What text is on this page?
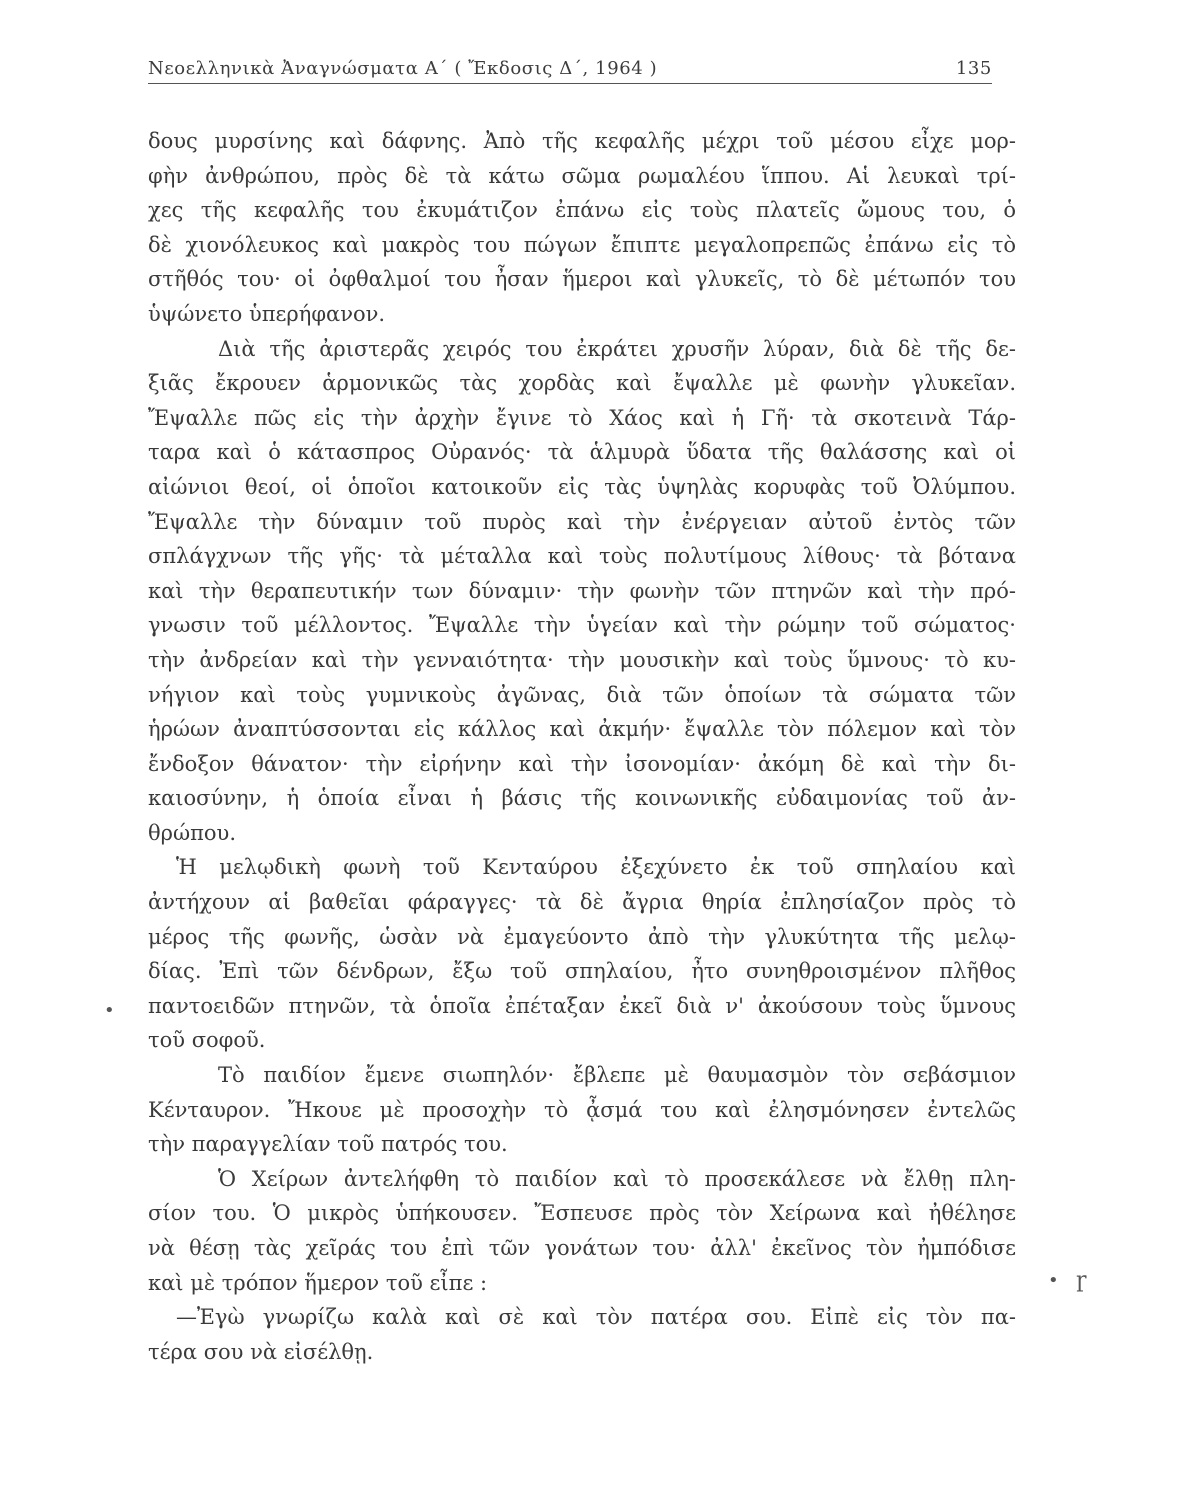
Νεοελληνικὰ Ἀναγνώσματα Α΄ ( Ἔκδοσις Δ΄, 1964 )	135
δους μυρσίνης καὶ δάφνης. Ἀπὸ τῆς κεφαλῆς μέχρι τοῦ μέσου εἶχε μορ-
φὴν ἀνθρώπου, πρὸς δὲ τὰ κάτω σῶμα ρωμαλέου ἵππου. Αἱ λευκαὶ τρί-
χες τῆς κεφαλῆς του ἐκυμάτιζον ἐπάνω εἰς τοὺς πλατεῖς ὤμους του, ὁ
δὲ χιονόλευκος καὶ μακρὸς του πώγων ἔπιπτε μεγαλοπρεπῶς ἐπάνω εἰς τὸ
στῆθός του· οἱ ὀφθαλμοί του ἦσαν ἥμεροι καὶ γλυκεῖς, τὸ δὲ μέτωπόν του
ὑψώνετο ὑπερήφανον.
Διὰ τῆς ἀριστερᾶς χειρός του ἐκράτει χρυσῆν λύραν, διὰ δὲ τῆς δε-
ξιᾶς ἔκρουεν ἁρμονικῶς τὰς χορδὰς καὶ ἔψαλλε μὲ φωνὴν γλυκεῖαν.
Ἔψαλλε πῶς εἰς τὴν ἀρχὴν ἔγινε τὸ Χάος καὶ ἡ Γῆ· τὰ σκοτεινὰ Τάρ-
ταρα καὶ ὁ κάτασπρος Οὐρανός· τὰ ἁλμυρὰ ὕδατα τῆς θαλάσσης καὶ οἱ
αἰώνιοι θεοί, οἱ ὁποῖοι κατοικοῦν εἰς τὰς ὑψηλὰς κορυφὰς τοῦ Ὀλύμπου.
Ἔψαλλε τὴν δύναμιν τοῦ πυρὸς καὶ τὴν ἐνέργειαν αὐτοῦ ἐντὸς τῶν
σπλάγχνων τῆς γῆς· τὰ μέταλλα καὶ τοὺς πολυτίμους λίθους· τὰ βότανα
καὶ τὴν θεραπευτικήν των δύναμιν· τὴν φωνὴν τῶν πτηνῶν καὶ τὴν πρό-
γνωσιν τοῦ μέλλοντος. Ἔψαλλε τὴν ὑγείαν καὶ τὴν ρώμην τοῦ σώματος·
τὴν ἀνδρείαν καὶ τὴν γενναιότητα· τὴν μουσικὴν καὶ τοὺς ὕμνους· τὸ κυ-
νήγιον καὶ τοὺς γυμνικοὺς ἀγῶνας, διὰ τῶν ὁποίων τὰ σώματα τῶν
ἡρώων ἀναπτύσσονται εἰς κάλλος καὶ ἀκμήν· ἔψαλλε τὸν πόλεμον καὶ τὸν
ἔνδοξον θάνατον· τὴν εἰρήνην καὶ τὴν ἰσονομίαν· ἀκόμη δὲ καὶ τὴν δι-
καιοσύνην, ἡ ὁποία εἶναι ἡ βάσις τῆς κοινωνικῆς εὐδαιμονίας τοῦ ἀν-
θρώπου.
Ἡ μελῳδικὴ φωνὴ τοῦ Κενταύρου ἐξεχύνετο ἐκ τοῦ σπηλαίου καὶ
ἀντήχουν αἱ βαθεῖαι φάραγγες· τὰ δὲ ἄγρια θηρία ἐπλησίαζον πρὸς τὸ
μέρος τῆς φωνῆς, ὡσὰν νὰ ἐμαγεύοντο ἀπὸ τὴν γλυκύτητα τῆς μελῳ-
δίας. Ἐπὶ τῶν δένδρων, ἔξω τοῦ σπηλαίου, ἦτο συνηθροισμένον πλῆθος
παντοειδῶν πτηνῶν, τὰ ὁποῖα ἐπέταξαν ἐκεῖ διὰ ν' ἀκούσουν τοὺς ὕμνους
τοῦ σοφοῦ.
Τὸ παιδίον ἔμενε σιωπηλόν· ἔβλεπε μὲ θαυμασμὸν τὸν σεβάσμιον
Κένταυρον. Ἤκουε μὲ προσοχὴν τὸ ᾆσμά του καὶ ἐλησμόνησεν ἐντελῶς
τὴν παραγγελίαν τοῦ πατρός του.
Ὁ Χείρων ἀντελήφθη τὸ παιδίον καὶ τὸ προσεκάλεσε νὰ ἔλθῃ πλη-
σίον του. Ὁ μικρὸς ὑπήκουσεν. Ἔσπευσε πρὸς τὸν Χείρωνα καὶ ἠθέλησε
νὰ θέσῃ τὰς χεῖράς του ἐπὶ τῶν γονάτων του· ἀλλ' ἐκεῖνος τὸν ἠμπόδισε
καὶ μὲ τρόπον ἥμερον τοῦ εἶπε :
—Ἐγὼ γνωρίζω καλὰ καὶ σὲ καὶ τὸν πατέρα σου. Εἰπὲ εἰς τὸν πα-
τέρα σου νὰ εἰσέλθῃ.
•
• ɼ
